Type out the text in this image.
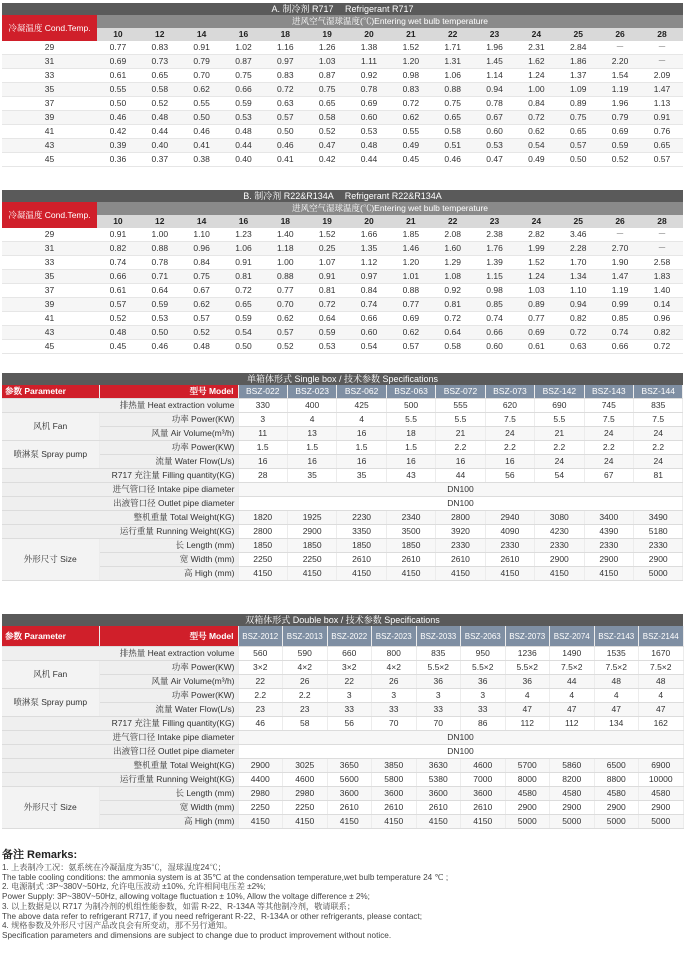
A. 制冷剂 R717　 Refrigerant R717
冷凝温度 Cond.Temp.	进风空气湿球温度(℃)Entering wet bulb temperature													
	10	12	14	16	18	19	20	21	22	23	24	25	26	28
29	0.77	0.83	0.91	1.02	1.16	1.26	1.38	1.52	1.71	1.96	2.31	2.84	－	－
31	0.69	0.73	0.79	0.87	0.97	1.03	1.11	1.20	1.31	1.45	1.62	1.86	2.20	－
33	0.61	0.65	0.70	0.75	0.83	0.87	0.92	0.98	1.06	1.14	1.24	1.37	1.54	2.09
35	0.55	0.58	0.62	0.66	0.72	0.75	0.78	0.83	0.88	0.94	1.00	1.09	1.19	1.47
37	0.50	0.52	0.55	0.59	0.63	0.65	0.69	0.72	0.75	0.78	0.84	0.89	1.96	1.13
39	0.46	0.48	0.50	0.53	0.57	0.58	0.60	0.62	0.65	0.67	0.72	0.75	0.79	0.91
41	0.42	0.44	0.46	0.48	0.50	0.52	0.53	0.55	0.58	0.60	0.62	0.65	0.69	0.76
43	0.39	0.40	0.41	0.44	0.46	0.47	0.48	0.49	0.51	0.53	0.54	0.57	0.59	0.65
45	0.36	0.37	0.38	0.40	0.41	0.42	0.44	0.45	0.46	0.47	0.49	0.50	0.52	0.57
B. 制冷剂 R22&R134A　 Refrigerant R22&R134A
冷凝温度 Cond.Temp.	进风空气湿球温度(℃)Entering wet bulb temperature													
	10	12	14	16	18	19	20	21	22	23	24	25	26	28
29	0.91	1.00	1.10	1.23	1.40	1.52	1.66	1.85	2.08	2.38	2.82	3.46	－	－
31	0.82	0.88	0.96	1.06	1.18	0.25	1.35	1.46	1.60	1.76	1.99	2.28	2.70	－
33	0.74	0.78	0.84	0.91	1.00	1.07	1.12	1.20	1.29	1.39	1.52	1.70	1.90	2.58
35	0.66	0.71	0.75	0.81	0.88	0.91	0.97	1.01	1.08	1.15	1.24	1.34	1.47	1.83
37	0.61	0.64	0.67	0.72	0.77	0.81	0.84	0.88	0.92	0.98	1.03	1.10	1.19	1.40
39	0.57	0.59	0.62	0.65	0.70	0.72	0.74	0.77	0.81	0.85	0.89	0.94	0.99	0.14
41	0.52	0.53	0.57	0.59	0.62	0.64	0.66	0.69	0.72	0.74	0.77	0.82	0.85	0.96
43	0.48	0.50	0.52	0.54	0.57	0.59	0.60	0.62	0.64	0.66	0.69	0.72	0.74	0.82
45	0.45	0.46	0.48	0.50	0.52	0.53	0.54	0.57	0.58	0.60	0.61	0.63	0.66	0.72
单箱体形式 Single box / 技术参数 Specifications
参数 Parameter	型号 Model	BSZ-022	BSZ-023	BSZ-062	BSZ-063	BSZ-072	BSZ-073	BSZ-142	BSZ-143	BSZ-144
排热量 Heat extraction volume		330	400	425	500	555	620	690	745	835
风机 Fan	功率 Power(KW)	3	4	4	5.5	5.5	7.5	5.5	7.5	7.5
	风量 Air Volume(m³/h)	11	13	16	18	21	24	21	24	24
喷淋泵 Spray pump	功率 Power(KW)	1.5	1.5	1.5	1.5	2.2	2.2	2.2	2.2	2.2
	流量 Water Flow(L/s)	16	16	16	16	16	16	24	24	24
R717 充注量 Filling quantity(KG)		28	35	35	43	44	56	54	67	81
进气管口径 Intake pipe diameter		DN100								
出液管口径 Outlet pipe diameter		DN100								
整机重量 Total Weight(KG)		1820	1925	2230	2340	2800	2940	3080	3400	3490
运行重量 Running Weight(KG)		2800	2900	3350	3500	3920	4090	4230	4390	5180
外形尺寸 Size	长 Length (mm)	1850	1850	1850	1850	2330	2330	2330	2330	2330
	宽 Width (mm)	2250	2250	2610	2610	2610	2610	2900	2900	2900
	高 High (mm)	4150	4150	4150	4150	4150	4150	4150	4150	5000
双箱体形式 Double box / 技术参数 Specifications
参数 Parameter	型号 Model	BSZ-2012	BSZ-2013	BSZ-2022	BSZ-2023	BSZ-2033	BSZ-2063	BSZ-2073	BSZ-2074	BSZ-2143	BSZ-2144
排热量 Heat extraction volume		560	590	660	800	835	950	1236	1490	1535	1670
风机 Fan	功率 Power(KW)	3×2	4×2	3×2	4×2	5.5×2	5.5×2	5.5×2	7.5×2	7.5×2	7.5×2
	风量 Air Volume(m³/h)	22	26	22	26	36	36	36	44	48	48
喷淋泵 Spray pump	功率 Power(KW)	2.2	2.2	3	3	3	3	4	4	4	4
	流量 Water Flow(L/s)	23	23	33	33	33	33	47	47	47	47
R717 充注量 Filling quantity(KG)		46	58	56	70	70	86	112	112	134	162
进气管口径 Intake pipe diameter		DN100									
出液管口径 Outlet pipe diameter		DN100									
整机重量 Total Weight(KG)		2900	3025	3650	3850	3630	4600	5700	5860	6500	6900
运行重量 Running Weight(KG)		4400	4600	5600	5800	5380	7000	8000	8200	8800	10000
外形尺寸 Size	长 Length (mm)	2980	2980	3600	3600	3600	3600	4580	4580	4580	4580
	宽 Width (mm)	2250	2250	2610	2610	2610	2610	2900	2900	2900	2900
	高 High (mm)	4150	4150	4150	4150	4150	4150	5000	5000	5000	5000
备注 Remarks:
1. 上表制冷工况：氨系统在冷凝温度为35℃，湿球温度24℃；
The table cooling conditions: the ammonia system is at 35℃ at the condensation temperature,wet bulb temperature 24 ℃ ;
2. 电源制式 :3P~380V~50Hz, 允许电压波动 ±10%, 允许相间电压差 ±2%;
Power Supply: 3P~380V~50Hz, allowing voltage fluctuation ± 10%, Allow the voltage difference ± 2%;
3. 以上数据是以 R717 为制冷剂的机组性能参数，如需 R-22、R-134A 等其他制冷剂，敬请联系；
The above data refer to refrigerant R717, if you need refrigerant R-22、R-134A or other refrigerants, please contact;
4. 规格参数及外形尺寸因产品改良会有所变动，那不另行通知。
Specification parameters and dimensions are subject to change due to product improvement without notice.
